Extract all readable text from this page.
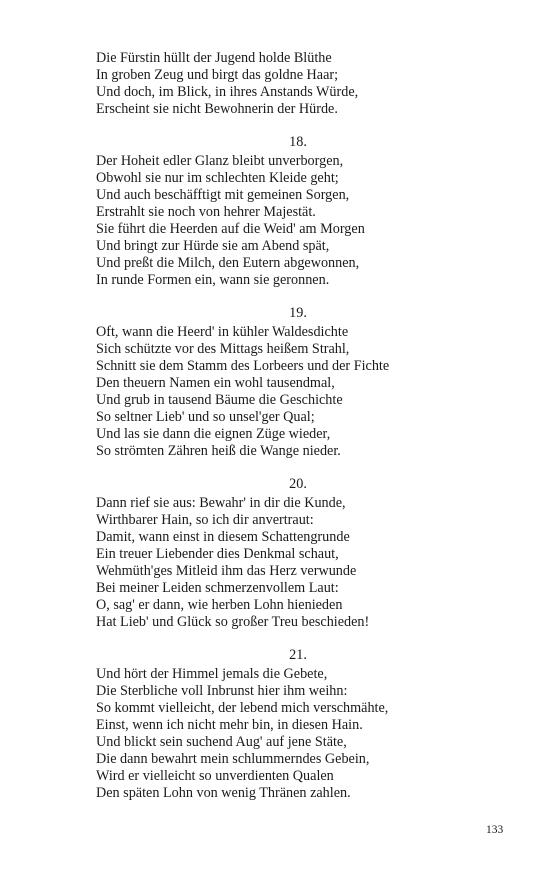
Die Fürstin hüllt der Jugend holde Blüthe

In groben Zeug und birgt das goldne Haar;

Und doch, im Blick, in ihres Anstands Würde,

Erscheint sie nicht Bewohnerin der Hürde.

18.

Der Hoheit edler Glanz bleibt unverborgen,

Obwohl sie nur im schlechten Kleide geht;

Und auch beschäfftigt mit gemeinen Sorgen,

Erstrahlt sie noch von hehrer Majestät.

Sie führt die Heerden auf die Weid' am Morgen

Und bringt zur Hürde sie am Abend spät,

Und preßt die Milch, den Eutern abgewonnen,

In runde Formen ein, wann sie geronnen.

19.

Oft, wann die Heerd' in kühler Waldesdichte

Sich schützte vor des Mittags heißem Strahl,

Schnitt sie dem Stamm des Lorbeers und der Fichte

Den theuern Namen ein wohl tausendmal,

Und grub in tausend Bäume die Geschichte

So seltner Lieb' und so unsel'ger Qual;

Und las sie dann die eignen Züge wieder,

So strömten Zähren heiß die Wange nieder.

20.

Dann rief sie aus: Bewahr' in dir die Kunde,

Wirthbarer Hain, so ich dir anvertraut:

Damit, wann einst in diesem Schattengrunde

Ein treuer Liebender dies Denkmal schaut,

Wehmüth'ges Mitleid ihm das Herz verwunde

Bei meiner Leiden schmerzenvollem Laut:

O, sag' er dann, wie herben Lohn hienieden

Hat Lieb' und Glück so großer Treu beschieden!

21.

Und hört der Himmel jemals die Gebete,

Die Sterbliche voll Inbrunst hier ihm weihn:

So kommt vielleicht, der lebend mich verschmähte,

Einst, wenn ich nicht mehr bin, in diesen Hain.

Und blickt sein suchend Aug' auf jene Stäte,

Die dann bewahrt mein schlummerndes Gebein,

Wird er vielleicht so unverdienten Qualen

Den späten Lohn von wenig Thränen zahlen.

133
